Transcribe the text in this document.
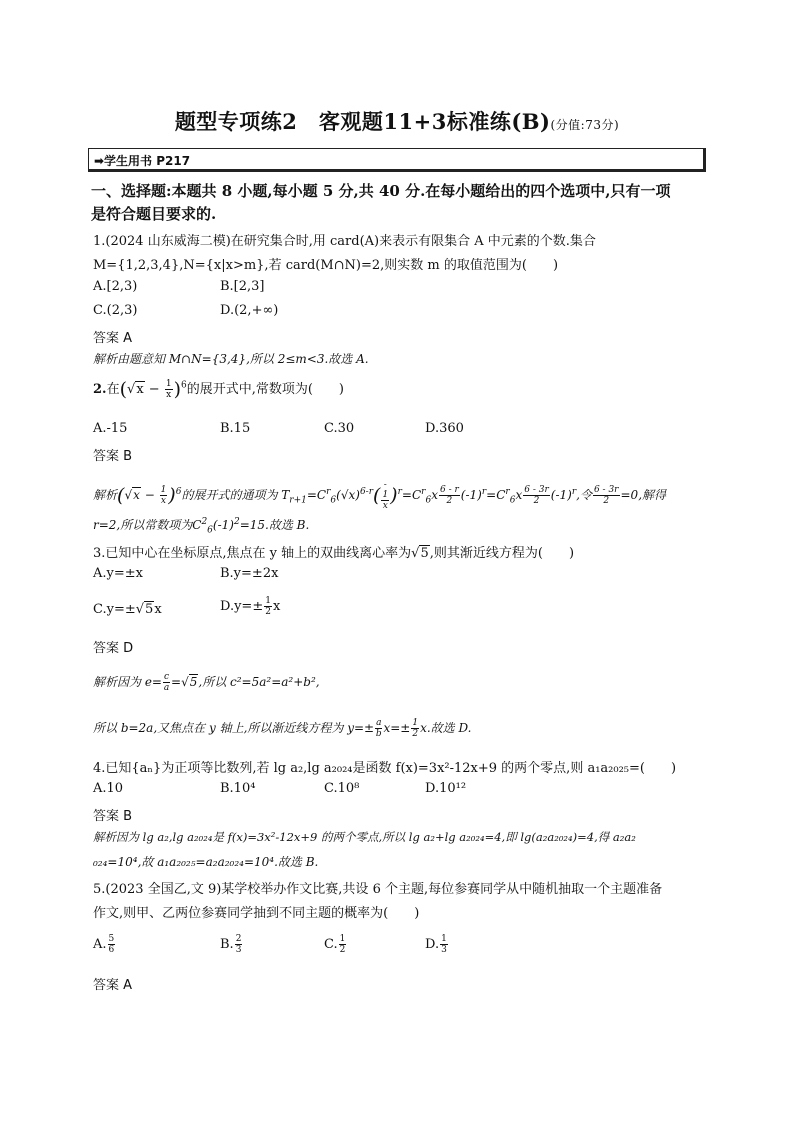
题型专项练2　客观题11+3标准练(B)(分值:73分)
➡学生用书 P217
一、选择题:本题共 8 小题,每小题 5 分,共 40 分.在每小题给出的四个选项中,只有一项
是符合题目要求的.
1.(2024 山东威海二模)在研究集合时,用 card(A)来表示有限集合 A 中元素的个数.集合
M={1,2,3,4},N={x|x>m},若 card(M∩N)=2,则实数 m 的取值范围为(　　)
A.[2,3)	B.[2,3]
C.(2,3)	D.(2,+∞)
答案 A
解析由题意知 M∩N={3,4},所以 2≤m<3.故选 A.
2.在$(√x - \frac{1}{x} )^6$的展开式中,常数项为(　　)
A.-15	B.15	C.30	D.360
答案 B
解析$(√x - \frac{1}{x} )^6$的展开式的通项为 $T_{r+1}=C^r_6(√x)^{6-r}$( -
1
x )$^r=C^r_6x \frac{6 - r}{2} (-1)^r=C^r_6x \frac{6 - 3r}{2} (-1)^r$,令 $\frac{6 - 3r}{2} =0$,解得
r=2,所以常数项为$C^2_6(-1)^2=15$.故选 B.
3.已知中心在坐标原点,焦点在 y 轴上的双曲线离心率为√5,则其渐近线方程为(　　)
A.y=±x	B.y=±2x
C.y=±√5x	$D.y=\pm \frac{1}{2}$ x
答案 D
解析因为 $e= \frac{c}{a} =√5$,所以 c²=5a²=a²+b²,
所以 b=2a,又焦点在 y 轴上,所以渐近线方程为 $y=\pm \frac{a}{b} x=\pm \frac{1}{2} x$.故选 D.
4.已知{aₙ}为正项等比数列,若 lg a₂,lg a₂₀₂₄是函数 f(x)=3x²-12x+9 的两个零点,则 a₁a₂₀₂₅=(　　)
A.10	B.10⁴	C.10⁸	D.10¹²
答案 B
解析因为 lg a₂,lg a₂₀₂₄是 f(x)=3x²-12x+9 的两个零点,所以 lg a₂+lg a₂₀₂₄=4,即 lg(a₂a₂₀₂₄)=4,得 a₂a₂
₀₂₄=10⁴,故 a₁a₂₀₂₅=a₂a₂₀₂₄=10⁴.故选 B.
5.(2023 全国乙,文 9)某学校举办作文比赛,共设 6 个主题,每位参赛同学从中随机抽取一个主题准备
作文,则甲、乙两位参赛同学抽到不同主题的概率为(　　)
A. $\frac{5}{6}$	B. $\frac{2}{3}$	C. $\frac{1}{2}$	D. $\frac{1}{3}$
答案 A
